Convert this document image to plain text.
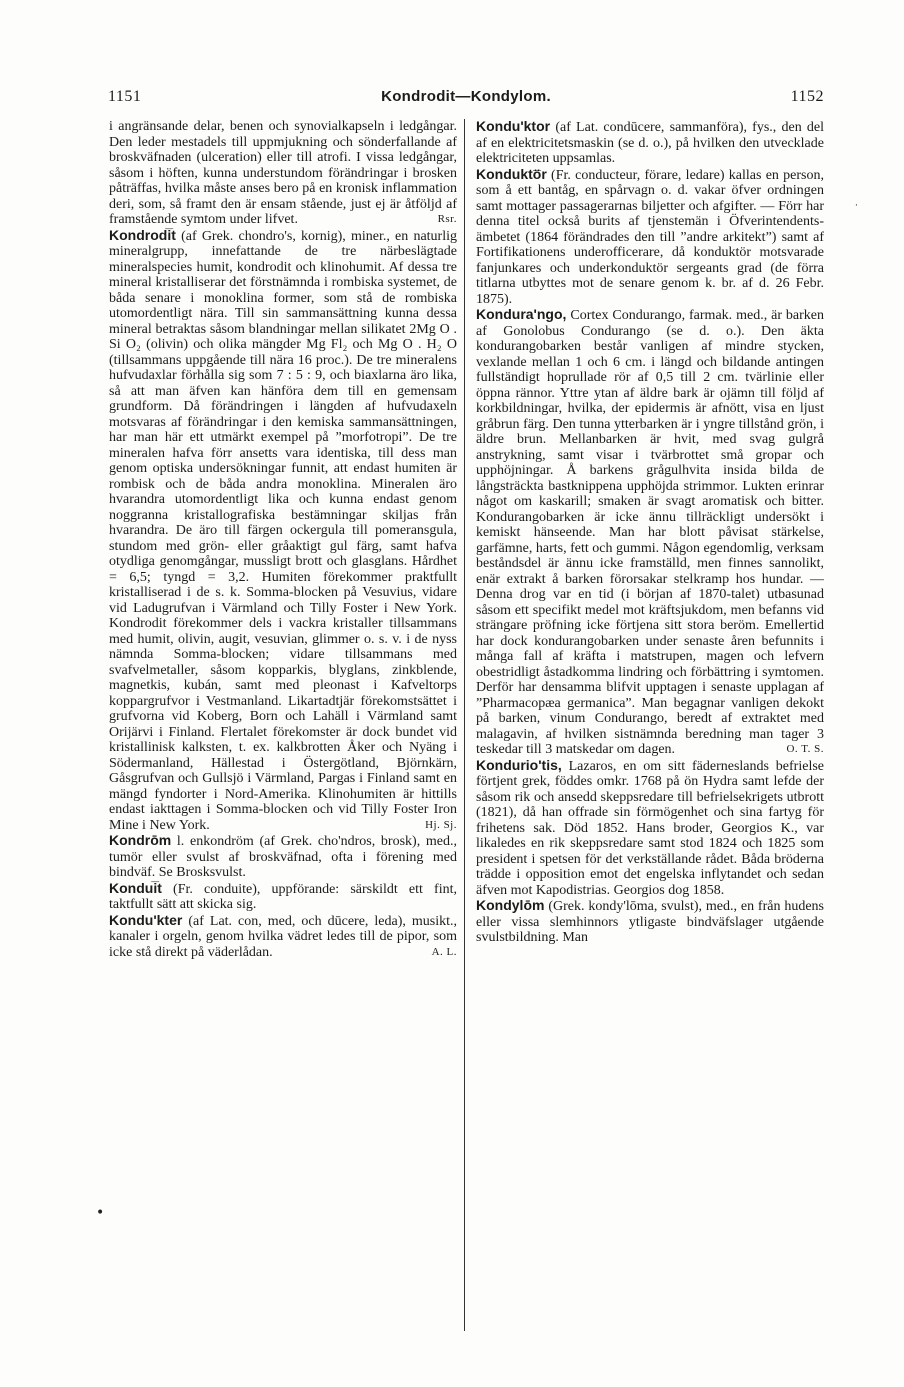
1151	Kondrodit—Kondylom.	1152

i angränsande delar, benen och synovialkapseln i ledgångar. Den leder mestadels till uppmjukning och sönderfallande af broskväfnaden (ulceration) eller till atrofi. I vissa ledgångar, såsom i höften, kunna understundom förändringar i brosken påträffas, hvilka måste anses bero på en kronisk inflammation deri, som, så framt den är ensam stående, just ej är åtföljd af framstående symtom under lifvet.	Rsr.

Kondrodi̅t (af Grek. chondro's, kornig), miner., en naturlig mineralgrupp, innefattande de tre närbeslägtade mineralspecies humit, kondrodit och klinohumit. Af dessa tre mineral kristalliserar det förstnämnda i rombiska systemet, de båda senare i monoklina former, som stå de rombiska utomordentligt nära. Till sin sammansättning kunna dessa mineral betraktas såsom blandningar mellan silikatet 2Mg O . Si O₂ (olivin) och olika mängder Mg Fl₂ och Mg O . H₂ O (tillsammans uppgående till nära 16 proc.). De tre mineralens hufvudaxlar förhålla sig som 7 : 5 : 9, och biaxlarna äro lika, så att man äfven kan hänföra dem till en gemensam grundform. Då förändringen i längden af hufvudaxeln motsvaras af förändringar i den kemiska sammansättningen, har man här ett utmärkt exempel på ”morfotropi”. De tre mineralen hafva förr ansetts vara identiska, till dess man genom optiska undersökningar funnit, att endast humiten är rombisk och de båda andra monoklina. Mineralen äro hvarandra utomordentligt lika och kunna endast genom noggranna kristallografiska bestämningar skiljas från hvarandra. De äro till färgen ockergula till pomeransgula, stundom med grön- eller gråaktigt gul färg, samt hafva otydliga genomgångar, mussligt brott och glasglans. Hårdhet = 6,5; tyngd = 3,2. Humiten förekommer praktfullt kristalliserad i de s. k. Somma-blocken på Vesuvius, vidare vid Ladugrufvan i Värmland och Tilly Foster i New York. Kondrodit förekommer dels i vackra kristaller tillsammans med humit, olivin, augit, vesuvian, glimmer o. s. v. i de nyss nämnda Somma-blocken; vidare tillsammans med svafvelmetaller, såsom kopparkis, blyglans, zinkblende, magnetkis, kubán, samt med pleonast i Kafveltorps koppargrufvor i Vestmanland. Likartadtjär förekomstsättet i grufvorna vid Koberg, Born och Lahäll i Värmland samt Orijärvi i Finland. Flertalet förekomster är dock bundet vid kristallinisk kalksten, t. ex. kalkbrotten Åker och Nyäng i Södermanland, Hällestad i Östergötland, Björnkärn, Gåsgrufvan och Gullsjö i Värmland, Pargas i Finland samt en mängd fyndorter i Nord-Amerika. Klinohumiten är hittills endast iakttagen i Somma-blocken och vid Tilly Foster Iron Mine i New York.	Hj. Sj.

Kondrōm l. enkondröm (af Grek. cho'ndros, brosk), med., tumör eller svulst af broskväfnad, ofta i förening med bindväf. Se Brosksvulst.

Kondui̅t (Fr. conduite), uppförande: särskildt ett fint, taktfullt sätt att skicka sig.

Kondu'kter (af Lat. con, med, och dūcere, leda), musikt., kanaler i orgeln, genom hvilka vädret ledes till de pipor, som icke stå direkt på väderlådan.	A. L.

Kondu'ktor (af Lat. condūcere, sammanföra), fys., den del af en elektricitetsmaskin (se d. o.), på hvilken den utvecklade elektriciteten uppsamlas.

Konduktö̅r (Fr. conducteur, förare, ledare) kallas en person, som å ett bantåg, en spårvagn o. d. vakar öfver ordningen samt mottager passagerarnas biljetter och afgifter. — Förr har denna titel också burits af tjenstemän i Öfverintendents-ämbetet (1864 förändrades den till ”andre arkitekt”) samt af Fortifikationens underofficerare, då konduktör motsvarade fanjunkares och underkonduktör sergeants grad (de förra titlarna utbyttes mot de senare genom k. br. af d. 26 Febr. 1875).

Kondura'ngo, Cortex Condurango, farmak. med., är barken af Gonolobus Condurango (se d. o.). Den äkta kondurangobarken består vanligen af mindre stycken, vexlande mellan 1 och 6 cm. i längd och bildande antingen fullständigt hoprullade rör af 0,5 till 2 cm. tvärlinie eller öppna rännor. Yttre ytan af äldre bark är ojämn till följd af korkbildningar, hvilka, der epidermis är afnött, visa en ljust gråbrun färg. Den tunna ytterbarken är i yngre tillstånd grön, i äldre brun. Mellanbarken är hvit, med svag gulgrå anstrykning, samt visar i tvärbrottet små gropar och upphöjningar. Å barkens grågulhvita insida bilda de långsträckta bastknippena upphöjda strimmor. Lukten erinrar något om kaskarill; smaken är svagt aromatisk och bitter. Kondurangobarken är icke ännu tillräckligt undersökt i kemiskt hänseende. Man har blott påvisat stärkelse, garfämne, harts, fett och gummi. Någon egendomlig, verksam beståndsdel är ännu icke framställd, men finnes sannolikt, enär extrakt å barken förorsakar stelkramp hos hundar. — Denna drog var en tid (i början af 1870-talet) utbasunad såsom ett specifikt medel mot kräftsjukdom, men befanns vid strängare pröfning icke förtjena sitt stora beröm. Emellertid har dock kondurangobarken under senaste åren befunnits i många fall af kräfta i matstrupen, magen och lefvern obestridligt åstadkomma lindring och förbättring i symtomen. Derför har densamma blifvit upptagen i senaste upplagan af ”Pharmacopæa germanica”. Man begagnar vanligen dekokt på barken, vinum Condurango, beredt af extraktet med malagavin, af hvilken sistnämnda beredning man tager 3 teskedar till 3 matskedar om dagen.	O. T. S.

Kondurio'tis, Lazaros, en om sitt fäderneslands befrielse förtjent grek, föddes omkr. 1768 på ön Hydra samt lefde der såsom rik och ansedd skeppsredare till befrielsekrigets utbrott (1821), då han offrade sin förmögenhet och sina fartyg för frihetens sak. Död 1852. Hans broder, Georgios K., var likaledes en rik skeppsredare samt stod 1824 och 1825 som president i spetsen för det verkställande rådet. Båda bröderna trädde i opposition emot det engelska inflytandet och sedan äfven mot Kapodistrias. Georgios dog 1858.

Kondylōm (Grek. kondy'lōma, svulst), med., en från hudens eller vissa slemhinnors ytligaste bindväfslager utgående svulstbildning. Man

•
·
